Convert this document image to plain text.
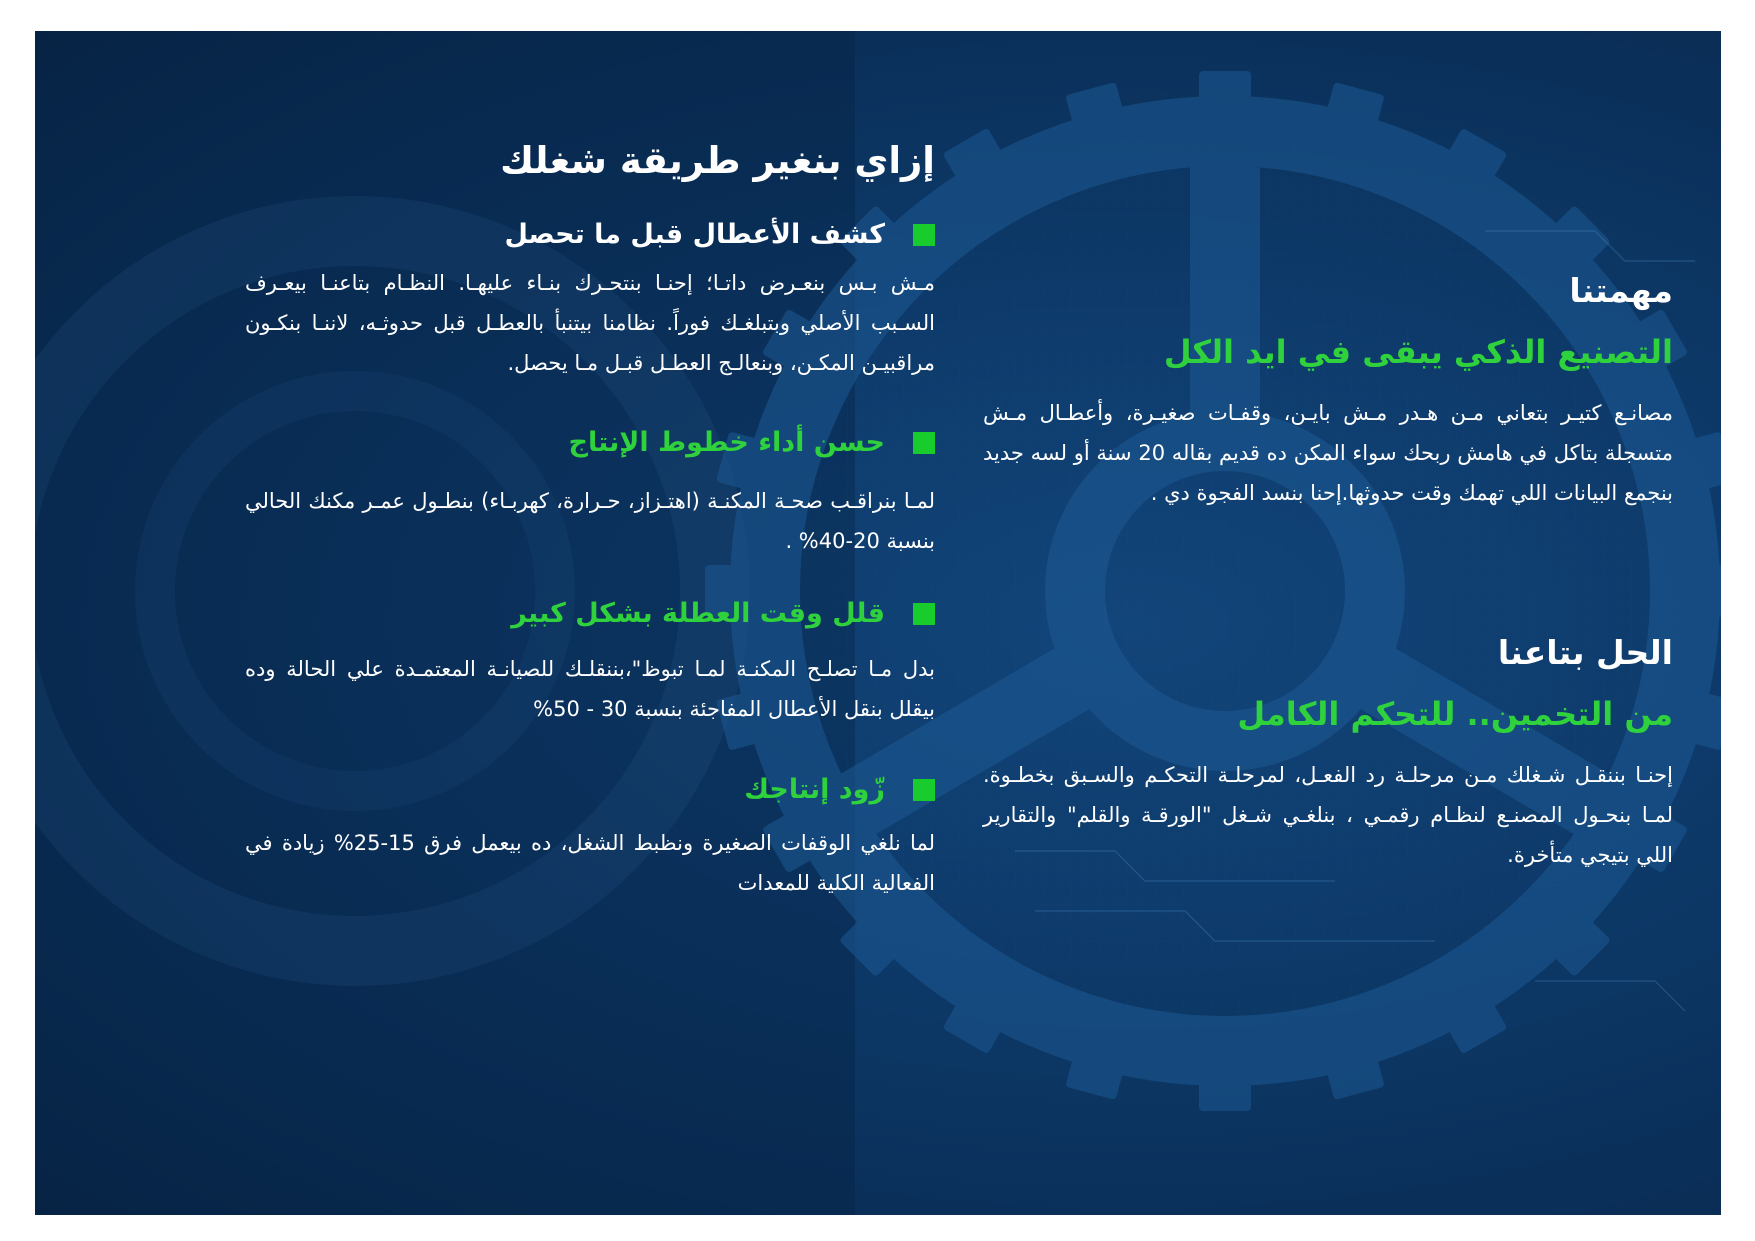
إزاي بنغير طريقة شغلك
كشف الأعطال قبل ما تحصل

مـش بـس بنعـرض داتـا؛ إحنـا بنتحـرك بنـاء عليهـا. النظـام بتاعنـا بيعـرف السـبب الأصلي وبتبلغـك فوراً. نظامنا بيتنبأ بالعطـل قبل حدوثـه، لاننـا بنكـون مراقبيـن المكـن، وبنعالـج العطـل قبـل مـا يحصل.

حسن أداء خطوط الإنتاج

لمـا بنراقـب صحـة المكنـة (اهتـزاز، حـرارة، كهربـاء) بنطـول عمـر مكنك الحالي بنسبة 20-40% .

قلل وقت العطلة بشكل كبير

بدل مـا تصلـح المكنـة لمـا تبوظ"،بننقلـك للصيانـة المعتمـدة علي الحالة وده بيقلل بنقل الأعطال المفاجئة بنسبة 30 - 50%

زّود إنتاجك

لما نلغي الوقفات الصغيرة ونظبط الشغل، ده بيعمل فرق 15-25% زيادة في الفعالية الكلية للمعدات

مهمتنا
التصنيع الذكي يبقى في ايد الكل

مصانـع كتيـر بتعاني مـن هـدر مـش بايـن، وقفـات صغيـرة، وأعطـال مـش متسجلة بتاكل في هامش ربحك سواء المكن ده قديم بقاله 20 سنة أو لسه جديد بنجمع البيانات اللي تهمك وقت حدوثها.إحنا بنسد الفجوة دي .

الحل بتاعنا
من التخمين.. للتحكم الكامل

إحنـا بننقـل شـغلك مـن مرحلـة رد الفعـل، لمرحلـة التحكـم والسـبق بخطـوة. لمـا بنحـول المصنـع لنظـام رقمـي ، بنلغـي شـغل "الورقـة والقلم" والتقارير اللي بتيجي متأخرة.
